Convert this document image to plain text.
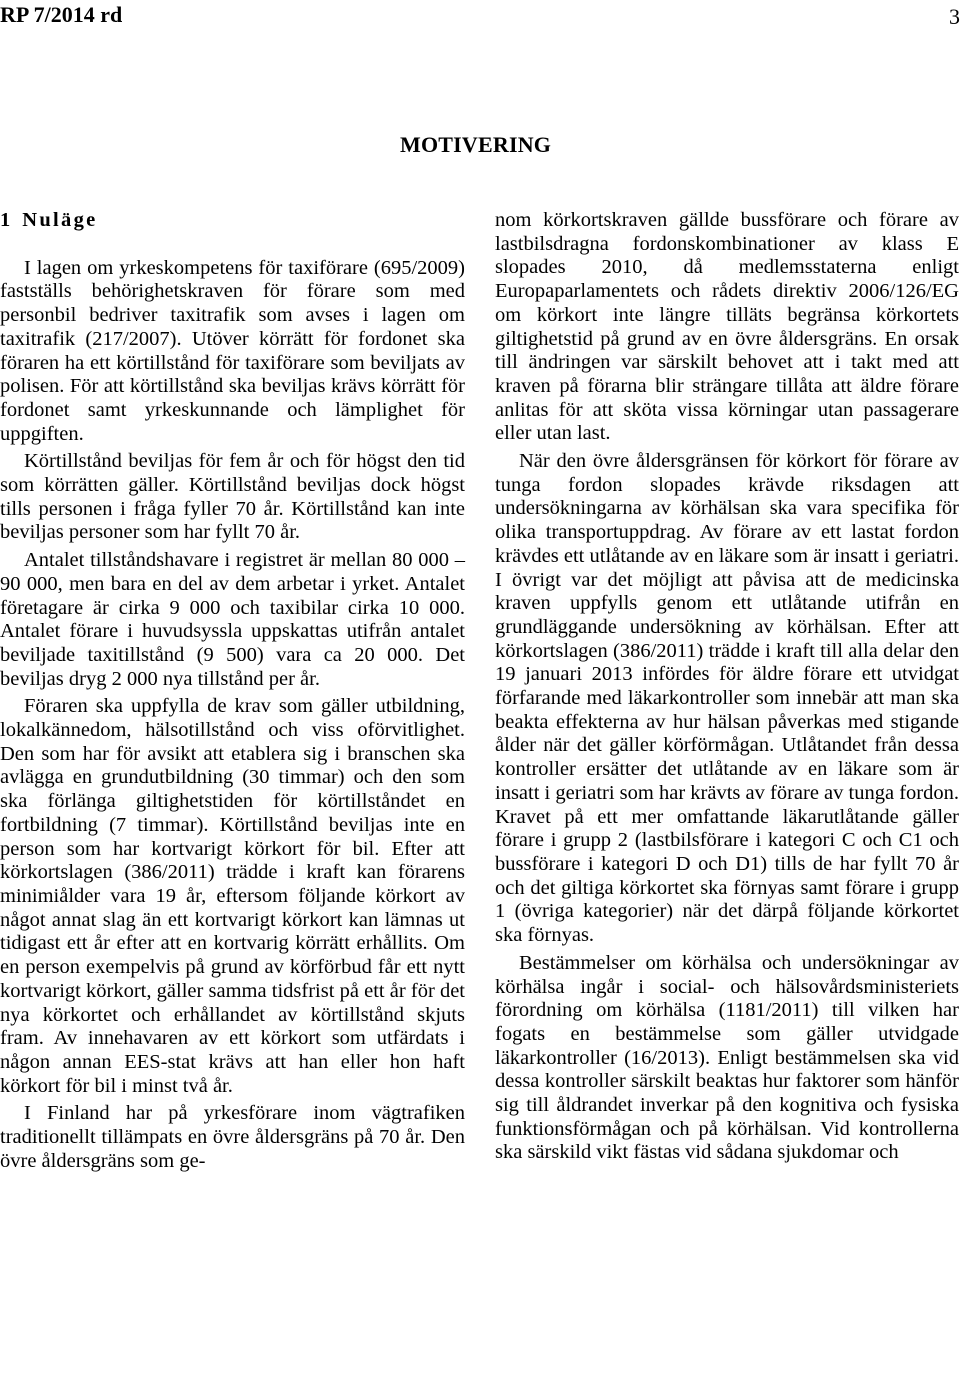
RP 7/2014 rd	3
MOTIVERING
1 Nuläge

I lagen om yrkeskompetens för taxiförare (695/2009) fastställs behörighetskraven för förare som med personbil bedriver taxitrafik som avses i lagen om taxitrafik (217/2007). Utöver körrätt för fordonet ska föraren ha ett körtillstånd för taxiförare som beviljats av polisen. För att körtillstånd ska beviljas krävs körrätt för fordonet samt yrkeskunnande och lämplighet för uppgiften.

Körtillstånd beviljas för fem år och för högst den tid som körrätten gäller. Körtillstånd beviljas dock högst tills personen i fråga fyller 70 år. Körtillstånd kan inte beviljas personer som har fyllt 70 år.

Antalet tillståndshavare i registret är mellan 80 000 – 90 000, men bara en del av dem arbetar i yrket. Antalet företagare är cirka 9 000 och taxibilar cirka 10 000. Antalet förare i huvudsyssla uppskattas utifrån antalet beviljade taxitillstånd (9 500) vara ca 20 000. Det beviljas dryg 2 000 nya tillstånd per år.

Föraren ska uppfylla de krav som gäller utbildning, lokalkännedom, hälsotillstånd och viss oförvitlighet. Den som har för avsikt att etablera sig i branschen ska avlägga en grundutbildning (30 timmar) och den som ska förlänga giltighetstiden för körtillståndet en fortbildning (7 timmar). Körtillstånd beviljas inte en person som har kortvarigt körkort för bil. Efter att körkortslagen (386/2011) trädde i kraft kan förarens minimiålder vara 19 år, eftersom följande körkort av något annat slag än ett kortvarigt körkort kan lämnas ut tidigast ett år efter att en kortvarig körrätt erhållits. Om en person exempelvis på grund av körförbud får ett nytt kortvarigt körkort, gäller samma tidsfrist på ett år för det nya körkortet och erhållandet av körtillstånd skjuts fram. Av innehavaren av ett körkort som utfärdats i någon annan EES-stat krävs att han eller hon haft körkort för bil i minst två år.

I Finland har på yrkesförare inom vägtrafiken traditionellt tillämpats en övre åldersgräns på 70 år. Den övre åldersgräns som ge-

nom körkortskraven gällde bussförare och förare av lastbilsdragna fordonskombinationer av klass E slopades 2010, då medlemsstaterna enligt Europaparlamentets och rådets direktiv 2006/126/EG om körkort inte längre tilläts begränsa körkortets giltighetstid på grund av en övre åldersgräns. En orsak till ändringen var särskilt behovet att i takt med att kraven på förarna blir strängare tillåta att äldre förare anlitas för att sköta vissa körningar utan passagerare eller utan last.

När den övre åldersgränsen för körkort för förare av tunga fordon slopades krävde riksdagen att undersökningarna av körhälsan ska vara specifika för olika transportuppdrag. Av förare av ett lastat fordon krävdes ett utlåtande av en läkare som är insatt i geriatri. I övrigt var det möjligt att påvisa att de medicinska kraven uppfylls genom ett utlåtande utifrån en grundläggande undersökning av körhälsan. Efter att körkortslagen (386/2011) trädde i kraft till alla delar den 19 januari 2013 infördes för äldre förare ett utvidgat förfarande med läkarkontroller som innebär att man ska beakta effekterna av hur hälsan påverkas med stigande ålder när det gäller körförmågan. Utlåtandet från dessa kontroller ersätter det utlåtande av en läkare som är insatt i geriatri som har krävts av förare av tunga fordon. Kravet på ett mer omfattande läkarutlåtande gäller förare i grupp 2 (lastbilsförare i kategori C och C1 och bussförare i kategori D och D1) tills de har fyllt 70 år och det giltiga körkortet ska förnyas samt förare i grupp 1 (övriga kategorier) när det därpå följande körkortet ska förnyas.

Bestämmelser om körhälsa och undersökningar av körhälsa ingår i social- och hälsovårdsministeriets förordning om körhälsa (1181/2011) till vilken har fogats en bestämmelse som gäller utvidgade läkarkontroller (16/2013). Enligt bestämmelsen ska vid dessa kontroller särskilt beaktas hur faktorer som hänför sig till åldrandet inverkar på den kognitiva och fysiska funktionsförmågan och på körhälsan. Vid kontrollerna ska särskild vikt fästas vid sådana sjukdomar och
